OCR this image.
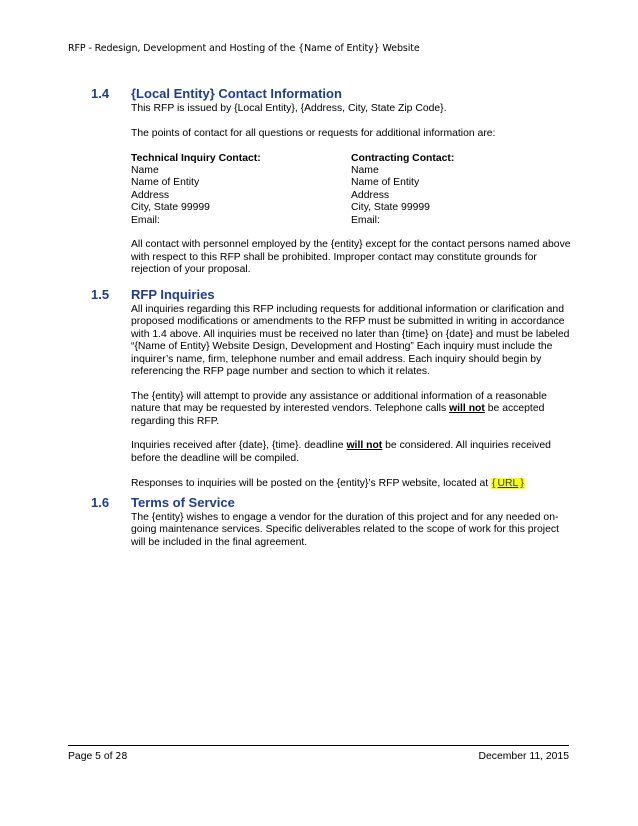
RFP - Redesign, Development and Hosting of the {Name of Entity} Website
1.4 {Local Entity} Contact Information

This RFP is issued by {Local Entity}, {Address, City, State Zip Code}.

The points of contact for all questions or requests for additional information are:

Technical Inquiry Contact:
Name
Name of Entity
Address
City, State 99999
Email:
Contracting Contact:
Name
Name of Entity
Address
City, State 99999
Email:

All contact with personnel employed by the {entity} except for the contact persons named above with respect to this RFP shall be prohibited. Improper contact may constitute grounds for rejection of your proposal.

1.5 RFP Inquiries

All inquiries regarding this RFP including requests for additional information or clarification and proposed modifications or amendments to the RFP must be submitted in writing in accordance with 1.4 above. All inquiries must be received no later than {time} on {date} and must be labeled “{Name of Entity} Website Design, Development and Hosting” Each inquiry must include the inquirer’s name, firm, telephone number and email address. Each inquiry should begin by referencing the RFP page number and section to which it relates.

The {entity} will attempt to provide any assistance or additional information of a reasonable nature that may be requested by interested vendors. Telephone calls will not be accepted regarding this RFP.

Inquiries received after {date}, {time}. deadline will not be considered. All inquiries received before the deadline will be compiled.

Responses to inquiries will be posted on the {entity}’s RFP website, located at { URL }

1.6 Terms of Service

The {entity} wishes to engage a vendor for the duration of this project and for any needed on-going maintenance services. Specific deliverables related to the scope of work for this project will be included in the final agreement.

Page 5 of 28	December 11, 2015
